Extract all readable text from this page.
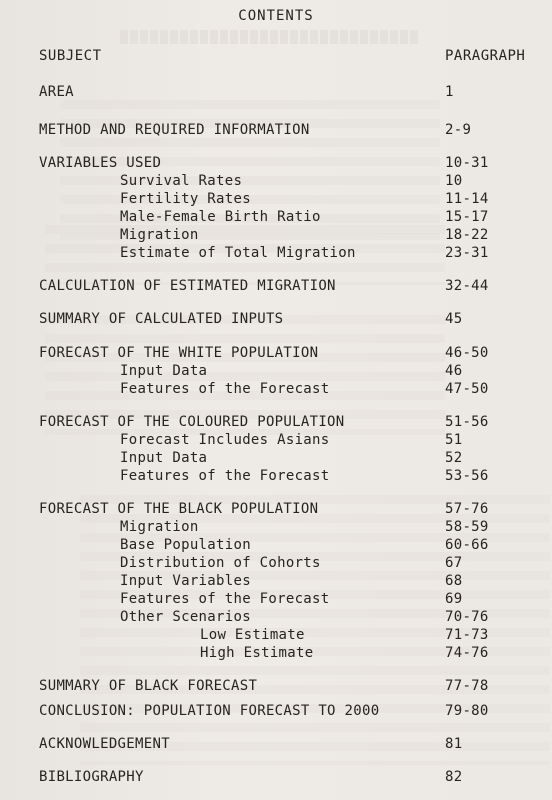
CONTENTS
SUBJECT	PARAGRAPH
AREA	1
METHOD AND REQUIRED INFORMATION	2-9
VARIABLES USED	10-31
Survival Rates	10
Fertility Rates	11-14
Male-Female Birth Ratio	15-17
Migration	18-22
Estimate of Total Migration	23-31
CALCULATION OF ESTIMATED MIGRATION	32-44
SUMMARY OF CALCULATED INPUTS	45
FORECAST OF THE WHITE POPULATION	46-50
Input Data	46
Features of the Forecast	47-50
FORECAST OF THE COLOURED POPULATION	51-56
Forecast Includes Asians	51
Input Data	52
Features of the Forecast	53-56
FORECAST OF THE BLACK POPULATION	57-76
Migration	58-59
Base Population	60-66
Distribution of Cohorts	67
Input Variables	68
Features of the Forecast	69
Other Scenarios	70-76
Low Estimate	71-73
High Estimate	74-76
SUMMARY OF BLACK FORECAST	77-78
CONCLUSION: POPULATION FORECAST TO 2000	79-80
ACKNOWLEDGEMENT	81
BIBLIOGRAPHY	82
